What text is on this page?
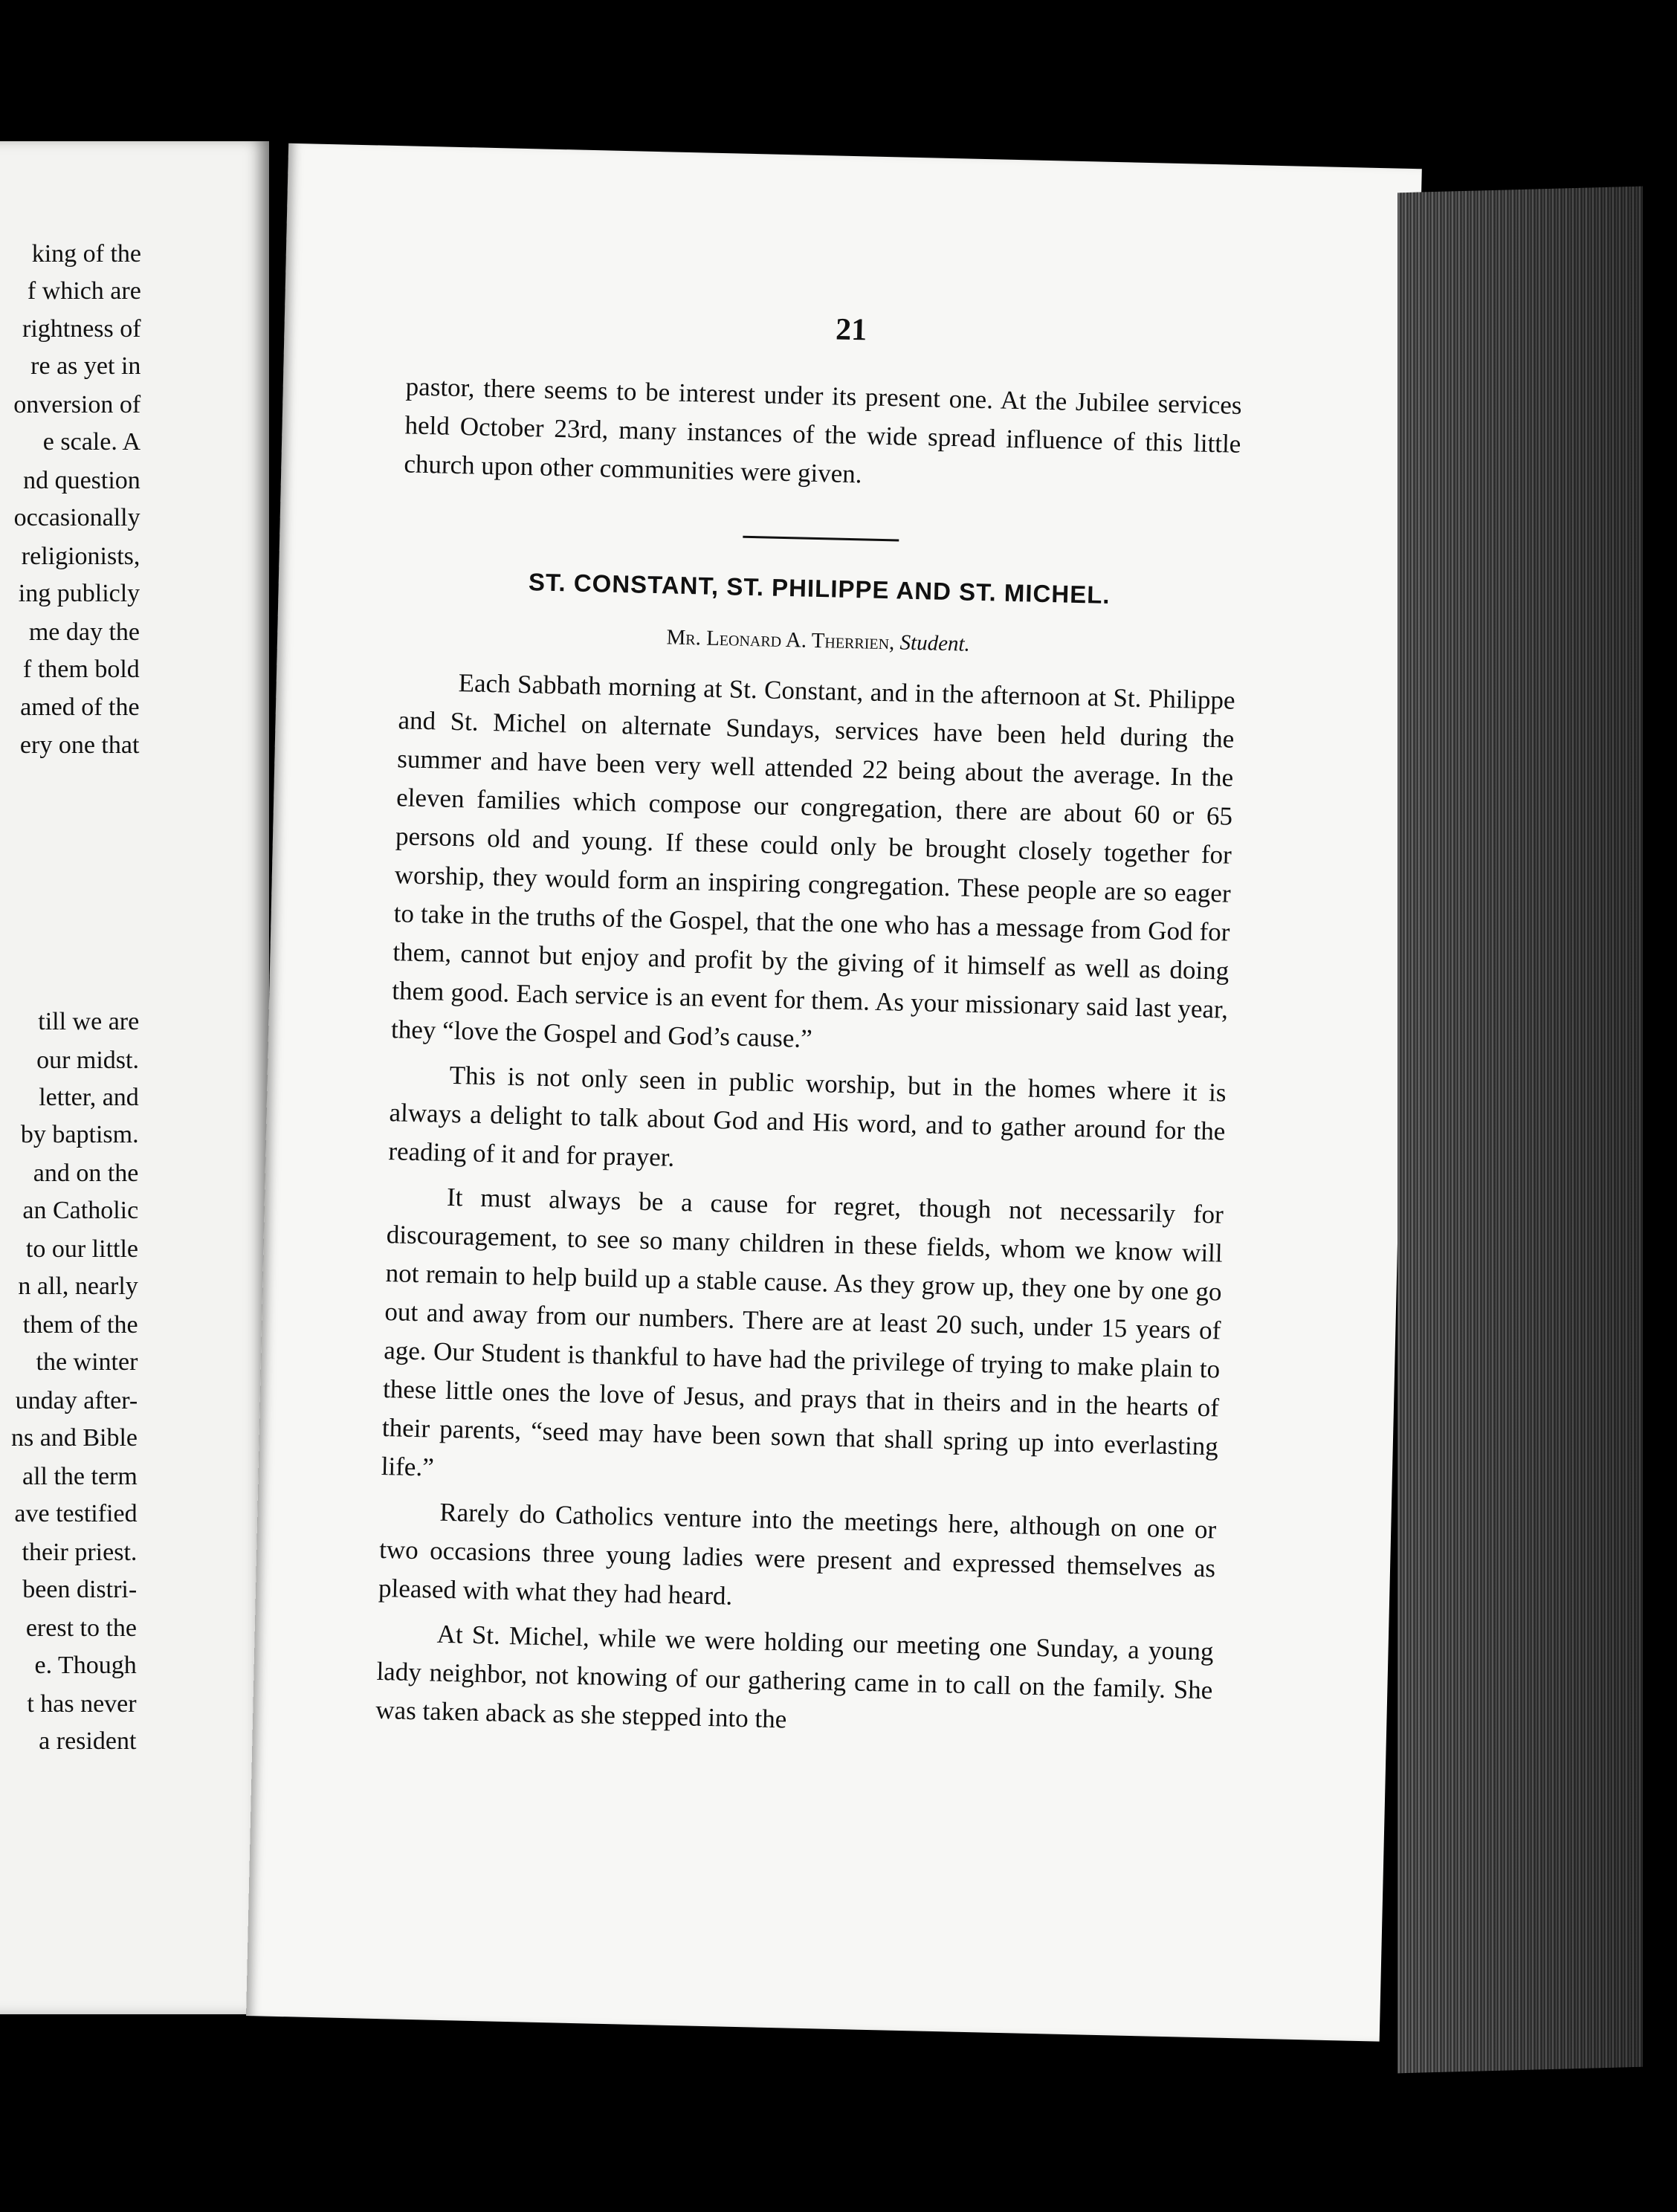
king of the
f which are
rightness of
re as yet in
onversion of
e scale. A
nd question
occasionally
religionists,
ing publicly
me day the
f them bold
amed of the
ery one that
till we are
our midst.
letter, and
by baptism.
and on the
an Catholic
to our little
n all, nearly
them of the
the winter
unday after-
ns and Bible
all the term
ave testified
their priest.
been distri-
erest to the
e. Though
t has never
a resident
21

pastor, there seems to be interest under its present one. At the Jubilee services held October 23rd, many instances of the wide spread influence of this little church upon other communities were given.

ST. CONSTANT, ST. PHILIPPE AND ST. MICHEL.
Mr. Leonard A. Therrien, Student.

Each Sabbath morning at St. Constant, and in the afternoon at St. Philippe and St. Michel on alternate Sundays, services have been held during the summer and have been very well attended 22 being about the average. In the eleven families which compose our congregation, there are about 60 or 65 persons old and young. If these could only be brought closely together for worship, they would form an inspiring congregation. These people are so eager to take in the truths of the Gospel, that the one who has a message from God for them, cannot but enjoy and profit by the giving of it himself as well as doing them good. Each service is an event for them. As your missionary said last year, they “love the Gospel and God’s cause.”

This is not only seen in public worship, but in the homes where it is always a delight to talk about God and His word, and to gather around for the reading of it and for prayer.

It must always be a cause for regret, though not necessarily for discouragement, to see so many children in these fields, whom we know will not remain to help build up a stable cause. As they grow up, they one by one go out and away from our numbers. There are at least 20 such, under 15 years of age. Our Student is thankful to have had the privilege of trying to make plain to these little ones the love of Jesus, and prays that in theirs and in the hearts of their parents, “seed may have been sown that shall spring up into everlasting life.”

Rarely do Catholics venture into the meetings here, although on one or two occasions three young ladies were present and expressed themselves as pleased with what they had heard.

At St. Michel, while we were holding our meeting one Sunday, a young lady neighbor, not knowing of our gathering came in to call on the family. She was taken aback as she stepped into the
